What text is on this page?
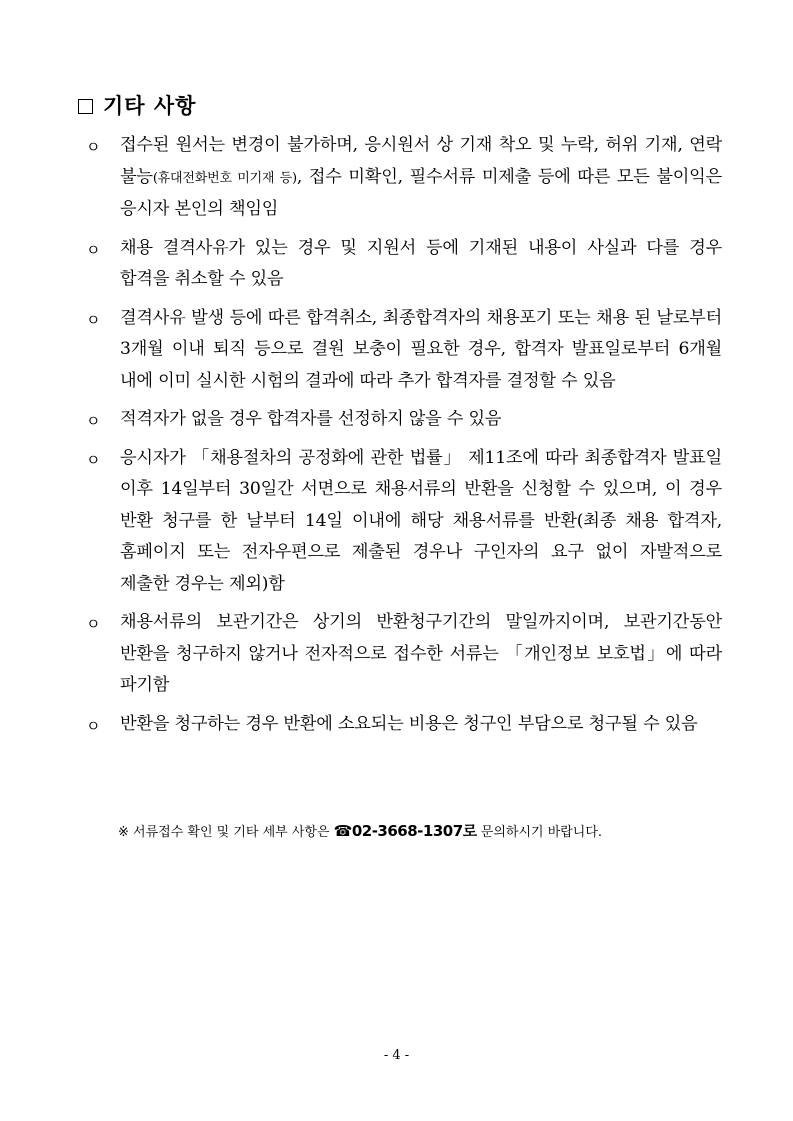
기타 사항
ㅇ 접수된 원서는 변경이 불가하며, 응시원서 상 기재 착오 및 누락, 허위 기재, 연락 불능(휴대전화번호 미기재 등), 접수 미확인, 필수서류 미제출 등에 따른 모든 불이익은 응시자 본인의 책임임
ㅇ 채용 결격사유가 있는 경우 및 지원서 등에 기재된 내용이 사실과 다를 경우 합격을 취소할 수 있음
ㅇ 결격사유 발생 등에 따른 합격취소, 최종합격자의 채용포기 또는 채용 된 날로부터 3개월 이내 퇴직 등으로 결원 보충이 필요한 경우, 합격자 발표일로부터 6개월 내에 이미 실시한 시험의 결과에 따라 추가 합격자를 결정할 수 있음
ㅇ 적격자가 없을 경우 합격자를 선정하지 않을 수 있음
ㅇ 응시자가 「채용절차의 공정화에 관한 법률」 제11조에 따라 최종합격자 발표일 이후 14일부터 30일간 서면으로 채용서류의 반환을 신청할 수 있으며, 이 경우 반환 청구를 한 날부터 14일 이내에 해당 채용서류를 반환(최종 채용 합격자, 홈페이지 또는 전자우편으로 제출된 경우나 구인자의 요구 없이 자발적으로 제출한 경우는 제외)함
ㅇ 채용서류의 보관기간은 상기의 반환청구기간의 말일까지이며, 보관기간동안 반환을 청구하지 않거나 전자적으로 접수한 서류는 「개인정보 보호법」에 따라 파기함
ㅇ 반환을 청구하는 경우 반환에 소요되는 비용은 청구인 부담으로 청구될 수 있음
※ 서류접수 확인 및 기타 세부 사항은 ☎02-3668-1307로 문의하시기 바랍니다.
- 4 -
